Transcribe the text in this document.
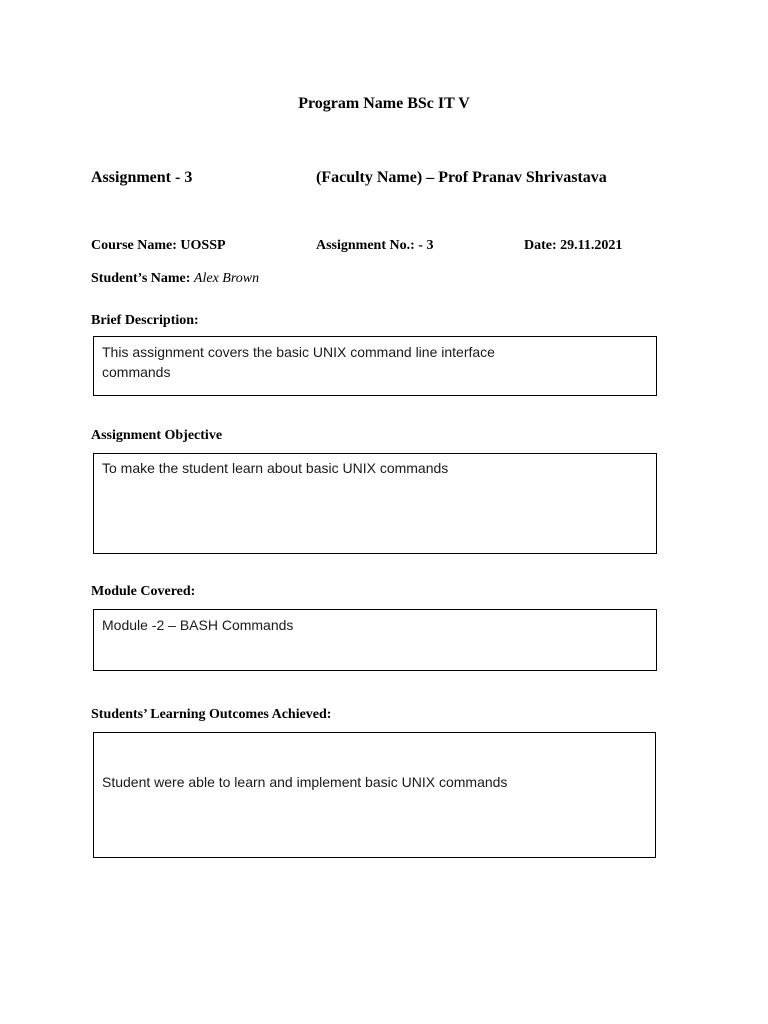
Program Name BSc IT V
Assignment - 3	(Faculty Name) – Prof Pranav Shrivastava
Course Name: UOSSP	Assignment No.: - 3	Date: 29.11.2021
Student’s Name: Alex Brown
Brief Description:
This assignment covers the basic UNIX command line interface commands
Assignment Objective
To make the student learn about basic UNIX commands
Module Covered:
Module -2 – BASH Commands
Students’ Learning Outcomes Achieved:
Student were able to learn and implement basic UNIX commands
